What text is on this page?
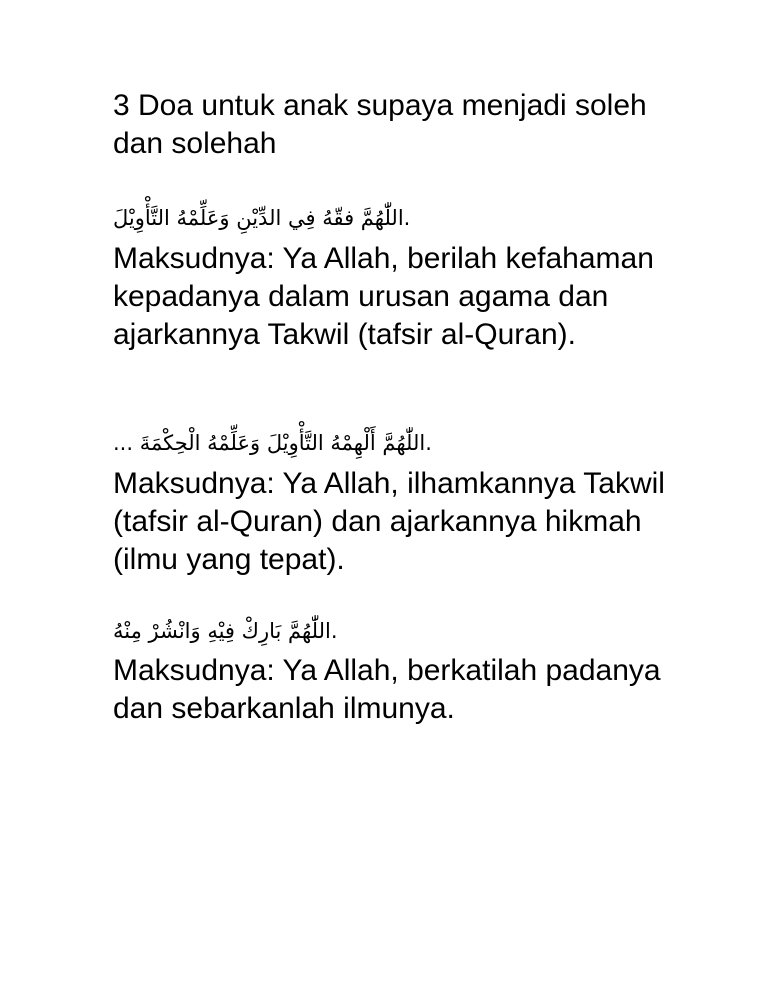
3 Doa untuk anak supaya menjadi soleh dan solehah
.اللّٰهُمَّ فقّهُ فِي الدِّيْنِ وَعَلِّمْهُ التَّأْوِيْلَ
Maksudnya: Ya Allah, berilah kefahaman kepadanya dalam urusan agama dan ajarkannya Takwil (tafsir al-Quran).
.اللّٰهُمَّ أَلْهِمْهُ التَّأْوِيْلَ وَعَلِّمْهُ الْحِكْمَةَ ...
Maksudnya: Ya Allah, ilhamkannya Takwil (tafsir al-Quran) dan ajarkannya hikmah (ilmu yang tepat).
.اللّٰهُمَّ بَارِكْ فِيْهِ وَانْشُرْ مِنْهُ
Maksudnya: Ya Allah, berkatilah padanya dan sebarkanlah ilmunya.
